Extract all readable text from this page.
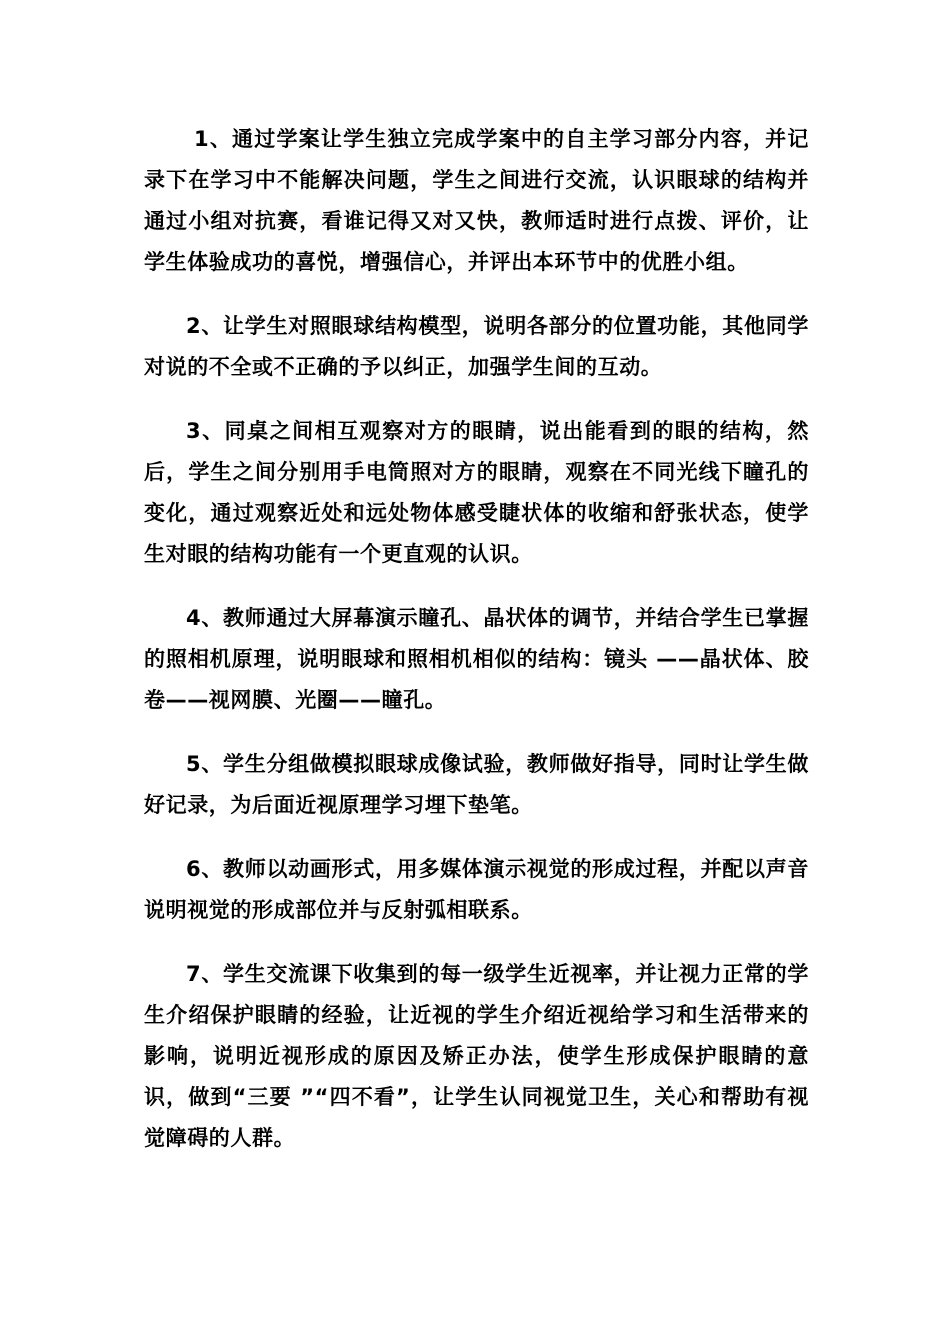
1、通过学案让学生独立完成学案中的自主学习部分内容，并记录下在学习中不能解决问题，学生之间进行交流，认识眼球的结构并通过小组对抗赛，看谁记得又对又快，教师适时进行点拨、评价，让学生体验成功的喜悦，增强信心，并评出本环节中的优胜小组。

2、让学生对照眼球结构模型，说明各部分的位置功能，其他同学对说的不全或不正确的予以纠正，加强学生间的互动。

3、同桌之间相互观察对方的眼睛，说出能看到的眼的结构，然后，学生之间分别用手电筒照对方的眼睛，观察在不同光线下瞳孔的变化，通过观察近处和远处物体感受睫状体的收缩和舒张状态，使学生对眼的结构功能有一个更直观的认识。

4、教师通过大屏幕演示瞳孔、晶状体的调节，并结合学生已掌握的照相机原理，说明眼球和照相机相似的结构：镜头 ——晶状体、胶卷——视网膜、光圈——瞳孔。

5、学生分组做模拟眼球成像试验，教师做好指导，同时让学生做好记录，为后面近视原理学习埋下垫笔。

6、教师以动画形式，用多媒体演示视觉的形成过程，并配以声音说明视觉的形成部位并与反射弧相联系。

7、学生交流课下收集到的每一级学生近视率，并让视力正常的学生介绍保护眼睛的经验，让近视的学生介绍近视给学习和生活带来的影响，说明近视形成的原因及矫正办法，使学生形成保护眼睛的意识，做到“三要 ”“四不看”，让学生认同视觉卫生，关心和帮助有视觉障碍的人群。
